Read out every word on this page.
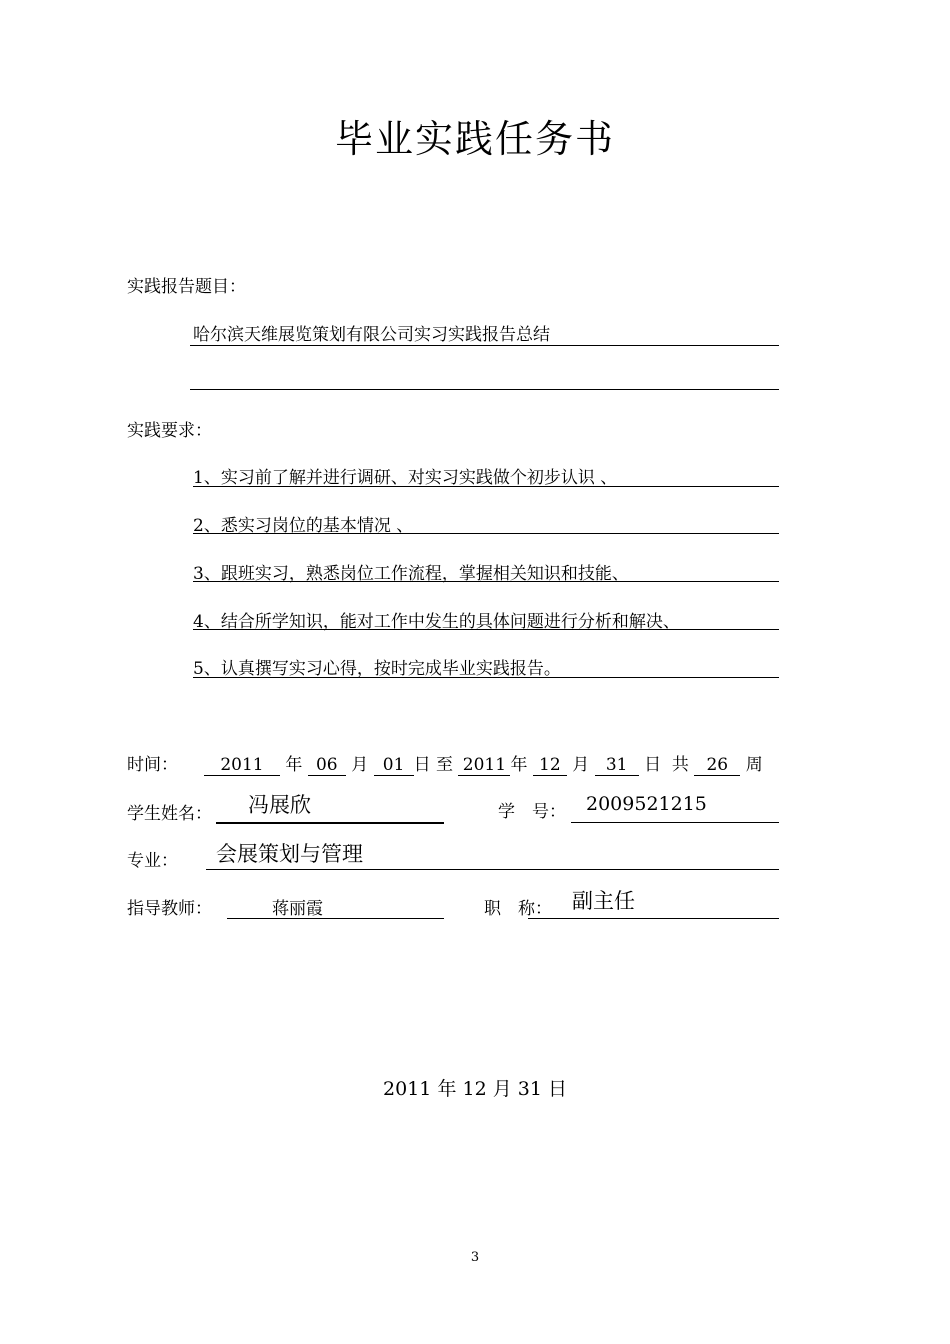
毕业实践任务书
实践报告题目：
哈尔滨天维展览策划有限公司实习实践报告总结
实践要求：
1、实习前了解并进行调研、对实习实践做个初步认识 、
2、悉实习岗位的基本情况 、
3、跟班实习，熟悉岗位工作流程，掌握相关知识和技能、
4、结合所学知识，能对工作中发生的具体问题进行分析和解决、
5、认真撰写实习心得，按时完成毕业实践报告。
时间：	2011 年 06 月 01 日 至 2011 年 12 月 31 日 共 26 周
学生姓名： 冯展欣	学　号： 2009521215
专业： 会展策划与管理
指导教师：	蒋丽霞	职　称： 副主任
2011 年 12 月 31 日
3
